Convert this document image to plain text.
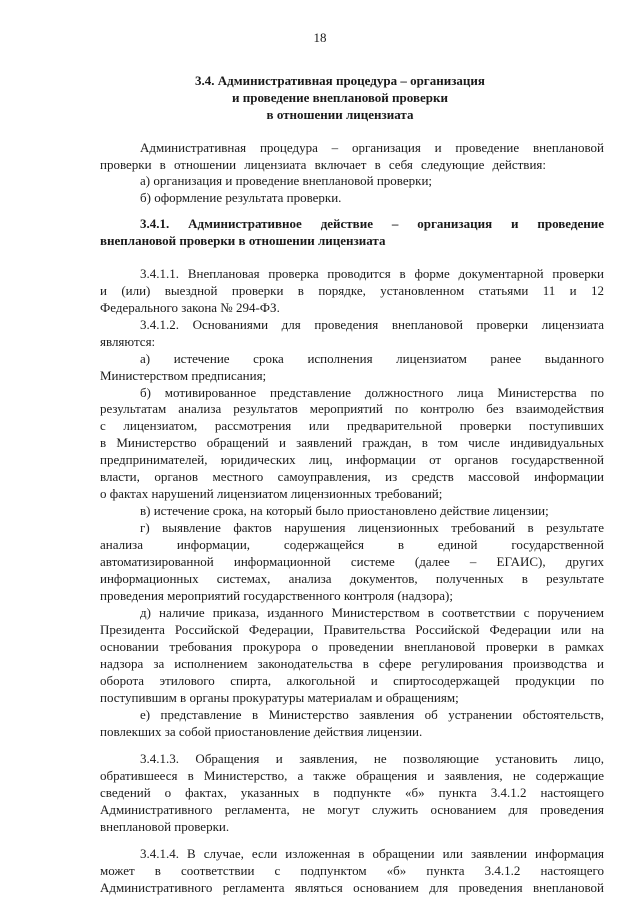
18
3.4. Административная процедура – организация
и проведение внеплановой проверки
в отношении лицензиата
Административная процедура – организация и проведение внеплановой
проверки в отношении лицензиата включает в себя следующие действия:
а) организация и проведение внеплановой проверки;
б) оформление результата проверки.
3.4.1. Административное действие – организация и проведение
внеплановой проверки в отношении лицензиата
3.4.1.1. Внеплановая проверка проводится в форме документарной проверки
и (или) выездной проверки в порядке, установленном статьями 11 и 12
Федерального закона № 294-ФЗ.
3.4.1.2. Основаниями для проведения внеплановой проверки лицензиата
являются:
а) истечение срока исполнения лицензиатом ранее выданного
Министерством предписания;
б) мотивированное представление должностного лица Министерства по
результатам анализа результатов мероприятий по контролю без взаимодействия
с лицензиатом, рассмотрения или предварительной проверки поступивших
в Министерство обращений и заявлений граждан, в том числе индивидуальных
предпринимателей, юридических лиц, информации от органов государственной
власти, органов местного самоуправления, из средств массовой информации
о фактах нарушений лицензиатом лицензионных требований;
в) истечение срока, на который было приостановлено действие лицензии;
г) выявление фактов нарушения лицензионных требований в результате
анализа информации, содержащейся в единой государственной
автоматизированной информационной системе (далее – ЕГАИС), других
информационных системах, анализа документов, полученных в результате
проведения мероприятий государственного контроля (надзора);
д) наличие приказа, изданного Министерством в соответствии с поручением
Президента Российской Федерации, Правительства Российской Федерации или на
основании требования прокурора о проведении внеплановой проверки в рамках
надзора за исполнением законодательства в сфере регулирования производства и
оборота этилового спирта, алкогольной и спиртосодержащей продукции по
поступившим в органы прокуратуры материалам и обращениям;
е) представление в Министерство заявления об устранении обстоятельств,
повлекших за собой приостановление действия лицензии.
3.4.1.3. Обращения и заявления, не позволяющие установить лицо,
обратившееся в Министерство, а также обращения и заявления, не содержащие
сведений о фактах, указанных в подпункте «б» пункта 3.4.1.2 настоящего
Административного регламента, не могут служить основанием для проведения
внеплановой проверки.
3.4.1.4. В случае, если изложенная в обращении или заявлении информация
может в соответствии с подпунктом «б» пункта 3.4.1.2 настоящего
Административного регламента являться основанием для проведения внеплановой
